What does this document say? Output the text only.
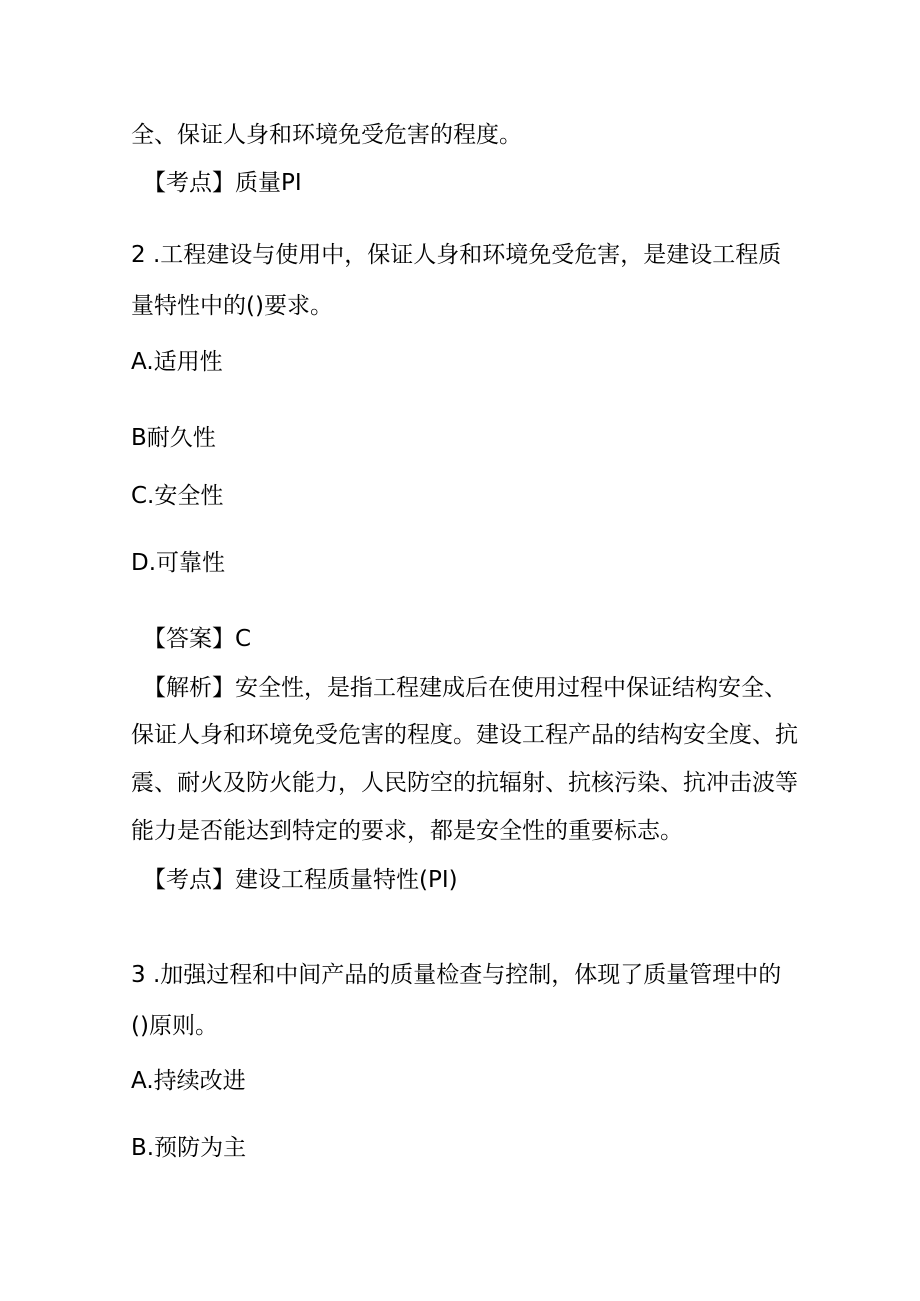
全、保证人身和环境免受危害的程度。

【考点】质量PI

2 .工程建设与使用中，保证人身和环境免受危害，是建设工程质

量特性中的()要求。

A.适用性

B耐久性

C.安全性

D.可靠性

【答案】C

【解析】安全性，是指工程建成后在使用过程中保证结构安全、

保证人身和环境免受危害的程度。建设工程产品的结构安全度、抗

震、耐火及防火能力，人民防空的抗辐射、抗核污染、抗冲击波等

能力是否能达到特定的要求，都是安全性的重要标志。

【考点】建设工程质量特性(PI)

3 .加强过程和中间产品的质量检查与控制，体现了质量管理中的

()原则。

A.持续改进

B.预防为主
